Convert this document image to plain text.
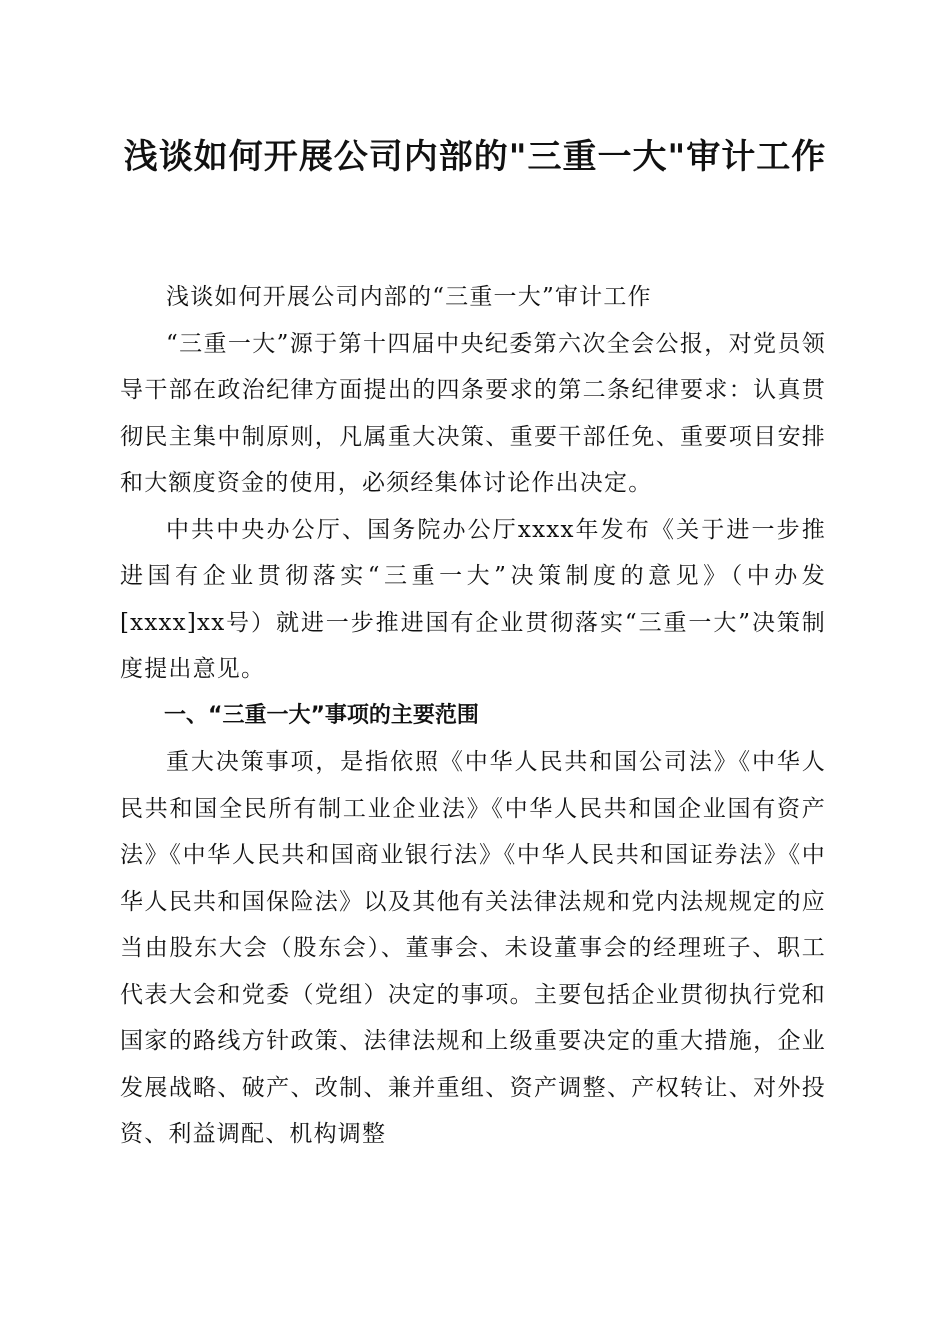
浅谈如何开展公司内部的"三重一大"审计工作

浅谈如何开展公司内部的“三重一大”审计工作

“三重一大”源于第十四届中央纪委第六次全会公报，对党员领导干部在政治纪律方面提出的四条要求的第二条纪律要求：认真贯彻民主集中制原则，凡属重大决策、重要干部任免、重要项目安排和大额度资金的使用，必须经集体讨论作出决定。

中共中央办公厅、国务院办公厅xxxx年发布《关于进一步推进国有企业贯彻落实“三重一大”决策制度的意见》（中办发[xxxx]xx号）就进一步推进国有企业贯彻落实“三重一大”决策制度提出意见。

一、“三重一大”事项的主要范围

重大决策事项，是指依照《中华人民共和国公司法》《中华人民共和国全民所有制工业企业法》《中华人民共和国企业国有资产法》《中华人民共和国商业银行法》《中华人民共和国证券法》《中华人民共和国保险法》以及其他有关法律法规和党内法规规定的应当由股东大会（股东会）、董事会、未设董事会的经理班子、职工代表大会和党委（党组）决定的事项。主要包括企业贯彻执行党和国家的路线方针政策、法律法规和上级重要决定的重大措施，企业发展战略、破产、改制、兼并重组、资产调整、产权转让、对外投资、利益调配、机构调整
